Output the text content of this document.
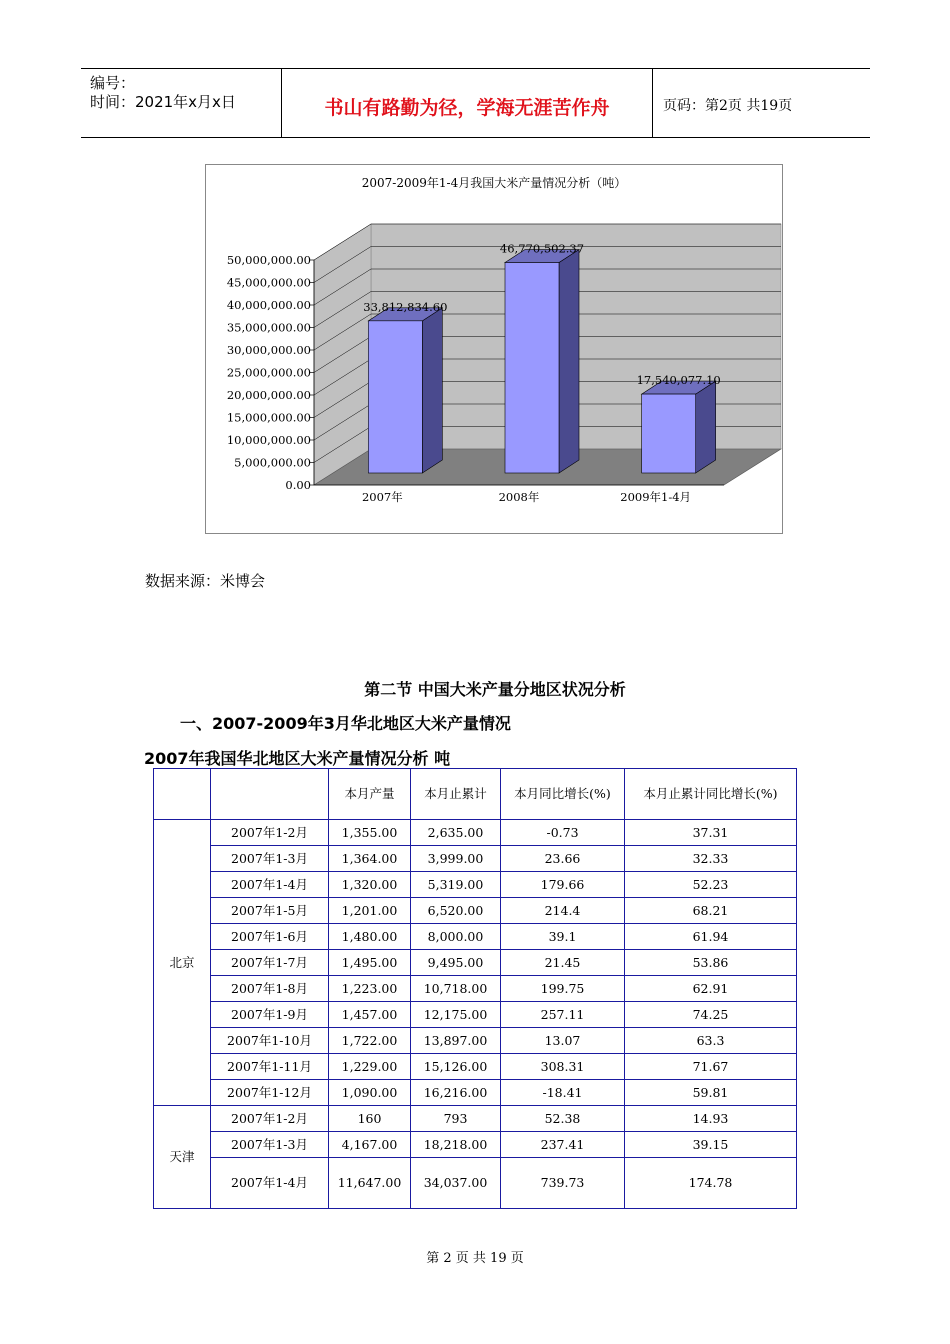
编号：
时间：2021年x月x日	书山有路勤为径，学海无涯苦作舟	页码：第2页 共19页
2007-2009年1-4月我国大米产量情况分析（吨）
0.00
5,000,000.00
10,000,000.00
15,000,000.00
20,000,000.00
25,000,000.00
30,000,000.00
35,000,000.00
40,000,000.00
45,000,000.00
50,000,000.00
33,812,834.60
2007年
46,770,502.37
2008年
17,540,077.10
2009年1-4月
数据来源：米博会
第二节 中国大米产量分地区状况分析
一、2007-2009年3月华北地区大米产量情况
2007年我国华北地区大米产量情况分析 吨
		本月产量	本月止累计	本月同比增长(%)	本月止累计同比增长(%)
北京	2007年1-2月	1,355.00	2,635.00	-0.73	37.31
	2007年1-3月	1,364.00	3,999.00	23.66	32.33
	2007年1-4月	1,320.00	5,319.00	179.66	52.23
	2007年1-5月	1,201.00	6,520.00	214.4	68.21
	2007年1-6月	1,480.00	8,000.00	39.1	61.94
	2007年1-7月	1,495.00	9,495.00	21.45	53.86
	2007年1-8月	1,223.00	10,718.00	199.75	62.91
	2007年1-9月	1,457.00	12,175.00	257.11	74.25
	2007年1-10月	1,722.00	13,897.00	13.07	63.3
	2007年1-11月	1,229.00	15,126.00	308.31	71.67
	2007年1-12月	1,090.00	16,216.00	-18.41	59.81
天津	2007年1-2月	160	793	52.38	14.93
	2007年1-3月	4,167.00	18,218.00	237.41	39.15
	2007年1-4月	11,647.00	34,037.00	739.73	174.78
第 2 页 共 19 页
